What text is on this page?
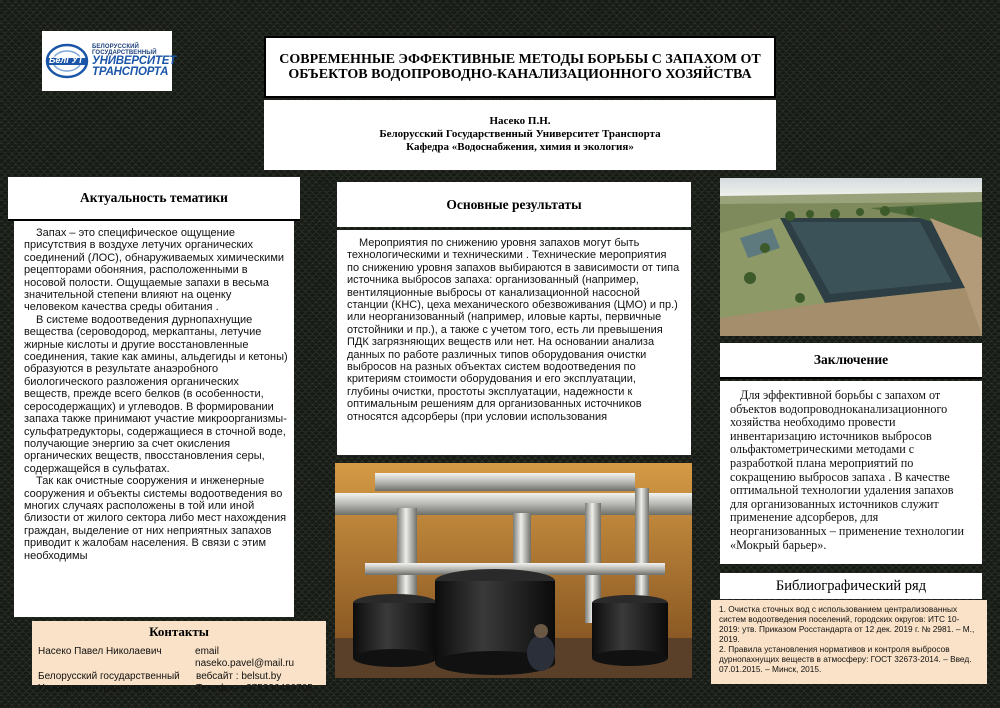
БелГУТ
БЕЛОРУССКИЙ
ГОСУДАРСТВЕННЫЙ
УНИВЕРСИТЕТ
ТРАНСПОРТА
СОВРЕМЕННЫЕ ЭФФЕКТИВНЫЕ МЕТОДЫ БОРЬБЫ С ЗАПАХОМ ОТ ОБЪЕКТОВ ВОДОПРОВОДНО-КАНАЛИЗАЦИОННОГО ХОЗЯЙСТВА
Насеко П.Н.
Белорусский Государственный Университет Транспорта
Кафедра «Водоснабжения, химия и экология»
Актуальность тематики

Запах – это специфическое ощущение присутствия в воздухе летучих органических соединений (ЛОС), обнаруживаемых химическими рецепторами обоняния, расположенными в носовой полости. Ощущаемые запахи в весьма значительной степени влияют на оценку человеком качества среды обитания .

В системе водоотведения дурнопахнущие вещества (сероводород, меркаптаны, летучие жирные кислоты и другие восстановленные соединения, такие как амины, альдегиды и кетоны) образуются в результате анаэробного биологического разложения органических веществ, прежде всего белков (в особенности, серосодержащих) и углеводов. В формировании запаха также принимают участие микроорганизмы-сульфатредукторы, содержащиеся в сточной воде, получающие энергию за счет окисления органических веществ, пвосстановления серы, содержащейся в сульфатах.

Так как очистные сооружения и инженерные сооружения и объекты системы водоотведения во многих случаях расположены в той или иной близости от жилого сектора либо мест нахождения граждан, выделение от них неприятных запахов приводит к жалобам населения. В связи с этим необходимы

Основные результаты

Мероприятия по снижению уровня запахов могут быть технологическими и техническими . Технические мероприятия по снижению уровня запахов выбираются в зависимости от типа источника выбросов запаха: организованный (например, вентиляционные выбросы от канализационной насосной станции (КНС), цеха механического обезвоживания (ЦМО) и пр.) или неорганизованный (например, иловые карты, первичные отстойники и пр.), а также с учетом того, есть ли превышения ПДК загрязняющих веществ или нет. На основании анализа данных по работе различных типов оборудования очистки выбросов на разных объектах систем водоотведения по критериям стоимости оборудования и его эксплуатации, глубины очистки, простоты эксплуатации, надежности к оптимальным решениям для организованных источников относятся адсорберы (при условии использования

Заключение

Для эффективной борьбы с запахом от объектов водопроводноканализационного хозяйства необходимо провести инвентаризацию источников выбросов ольфактометрическими методами с разработкой плана мероприятий по сокращению выбросов запаха . В качестве оптимальной технологии удаления запахов для организованных источников служит применение адсорберов, для неорганизованных – применение технологии «Мокрый барьер».

Библиографический ряд

1. Очистка сточных вод с использованием централизованных систем водоотведения поселений, городских округов: ИТС 10-2019: утв. Приказом Росстандарта от 12 дек. 2019 г. № 2981. – М., 2019.

2. Правила установления нормативов и контроля выбросов дурнопахнущих веществ в атмосферу: ГОСТ 32673-2014. – Введ. 07.01.2015. – Минск, 2015.

Контакты
Насеко Павел Николаевич	email naseko.pavel@mail.ru
Белорусский государственный	вебсайт : belsut.by
Университет транспорта	Телефон +375336489705
